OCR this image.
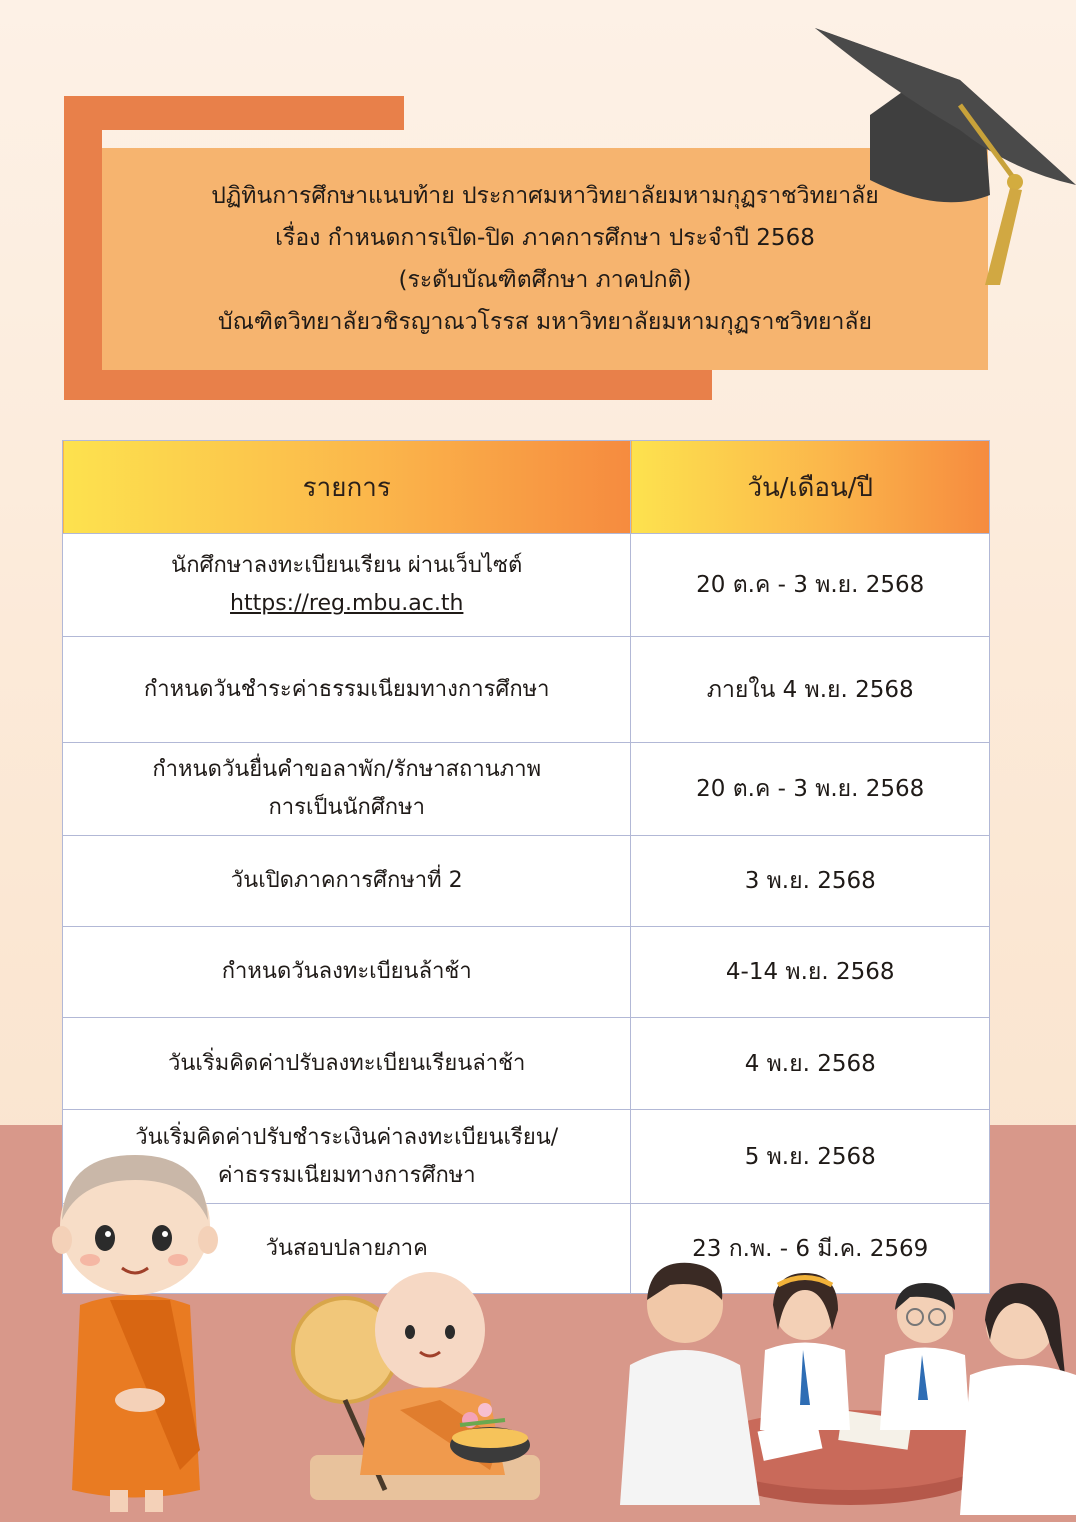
ปฏิทินการศึกษาแนบท้าย ประกาศมหาวิทยาลัยมหามกุฏราชวิทยาลัย
เรื่อง กำหนดการเปิด-ปิด ภาคการศึกษา ประจำปี 2568
(ระดับบัณฑิตศึกษา ภาคปกติ)
บัณฑิตวิทยาลัยวชิรญาณวโรรส มหาวิทยาลัยมหามกุฏราชวิทยาลัย
รายการ	วัน/เดือน/ปี

นักศึกษาลงทะเบียนเรียน ผ่านเว็บไซต์
https://reg.mbu.ac.th	20 ต.ค - 3 พ.ย. 2568
กำหนดวันชำระค่าธรรมเนียมทางการศึกษา	ภายใน 4 พ.ย. 2568

กำหนดวันยื่นคำขอลาพัก/รักษาสถานภาพ
การเป็นนักศึกษา	20 ต.ค - 3 พ.ย. 2568
วันเปิดภาคการศึกษาที่ 2	3 พ.ย. 2568
กำหนดวันลงทะเบียนล้าช้า	4-14 พ.ย. 2568
วันเริ่มคิดค่าปรับลงทะเบียนเรียนล่าช้า	4 พ.ย. 2568

วันเริ่มคิดค่าปรับชำระเงินค่าลงทะเบียนเรียน/
ค่าธรรมเนียมทางการศึกษา	5 พ.ย. 2568
วันสอบปลายภาค	23 ก.พ. - 6 มี.ค. 2569
